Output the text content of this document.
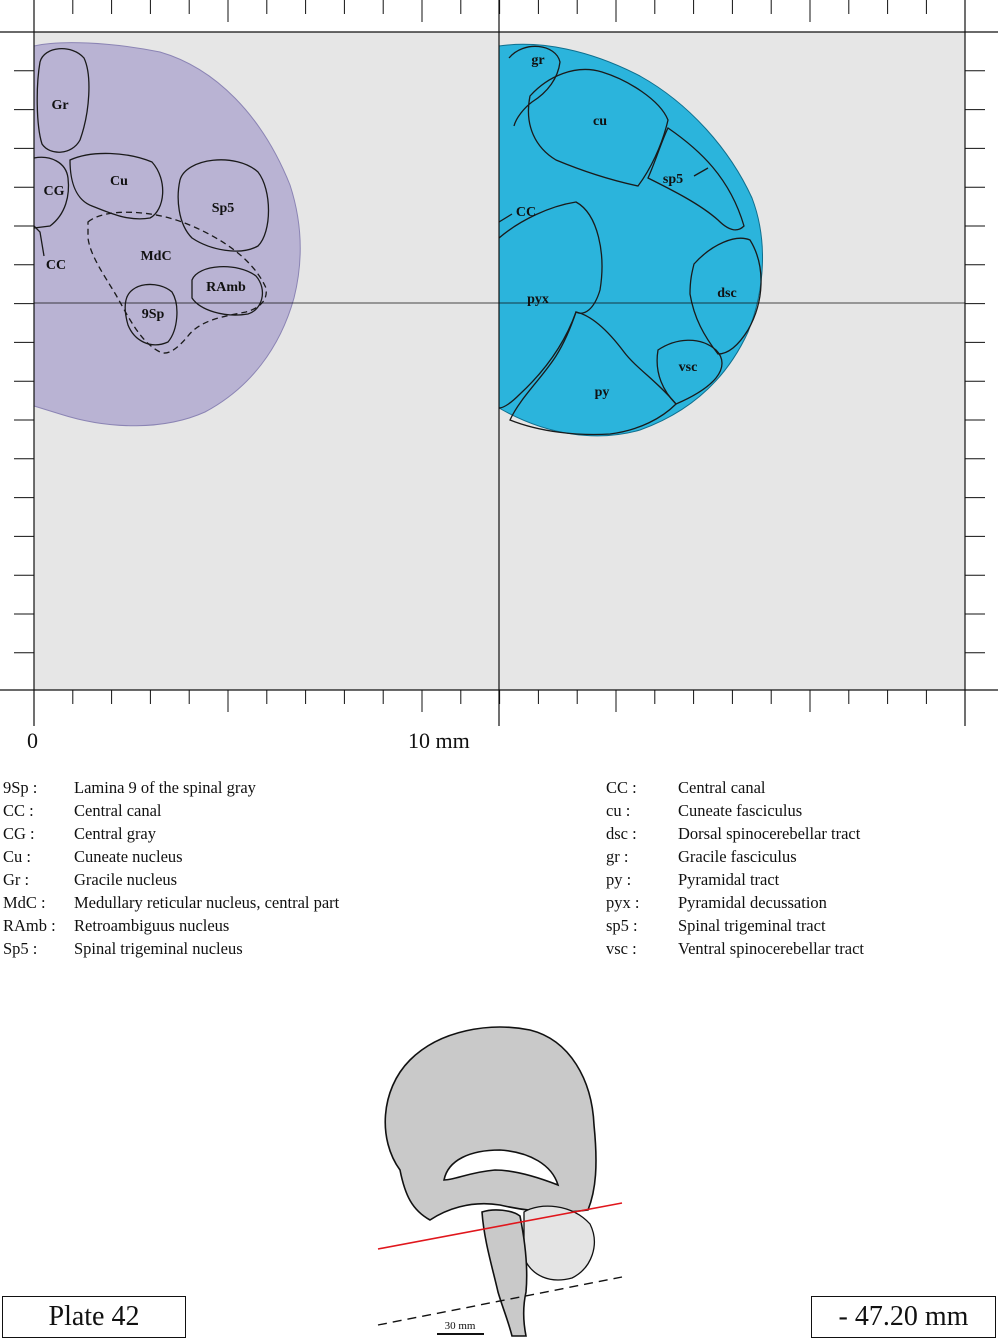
Gr
CG
Cu
Sp5
CC
MdC
RAmb
9Sp
gr
cu
sp5
CC
pyx	dsc
vsc
py
30 mm
0	10 mm
9Sp :	Lamina 9 of the spinal gray
CC :	Central canal
CG :	Central gray
Cu :	Cuneate nucleus
Gr :	Gracile nucleus
MdC :	Medullary reticular nucleus, central part
RAmb :	Retroambiguus nucleus
Sp5 :	Spinal trigeminal nucleus
CC :	Central canal
cu :	Cuneate fasciculus
dsc :	Dorsal spinocerebellar tract
gr :	Gracile fasciculus
py :	Pyramidal tract
pyx :	Pyramidal decussation
sp5 :	Spinal trigeminal tract
vsc :	Ventral spinocerebellar tract
Plate 42	- 47.20 mm
